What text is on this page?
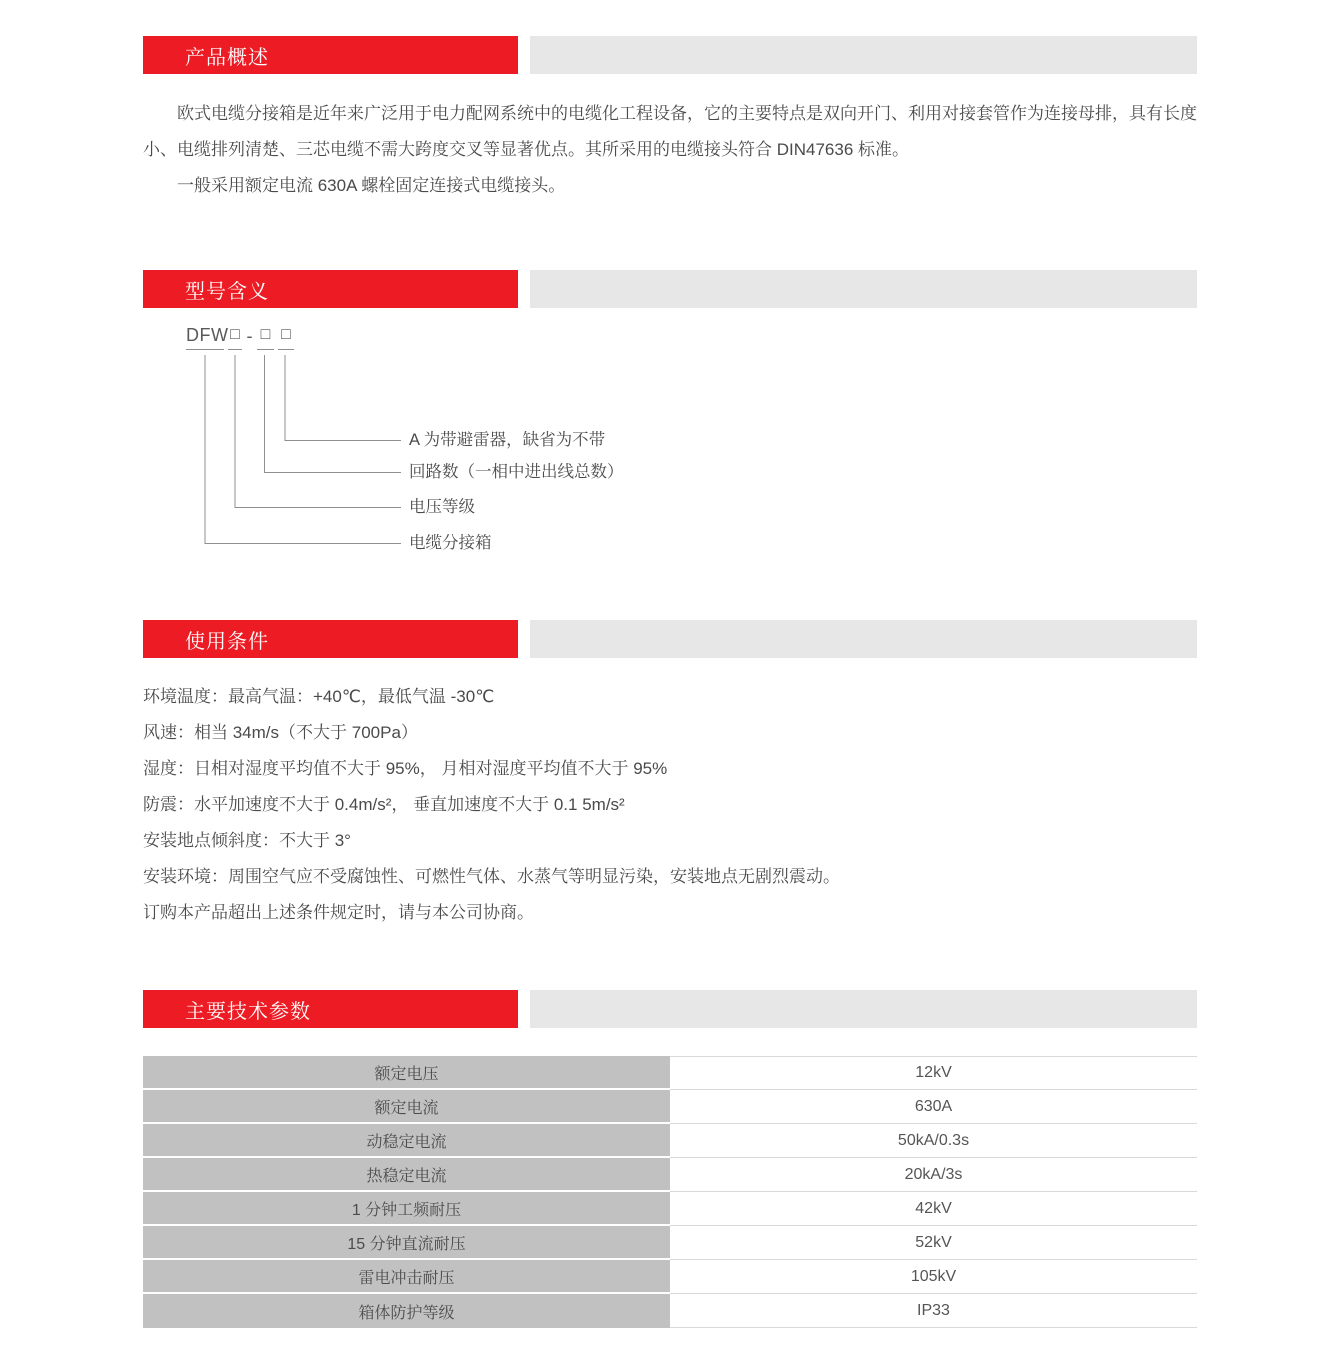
产品概述

欧式电缆分接箱是近年来广泛用于电力配网系统中的电缆化工程设备，它的主要特点是双向开门、利用对接套管作为连接母排，具有长度小、电缆排列清楚、三芯电缆不需大跨度交叉等显著优点。其所采用的电缆接头符合 DIN47636 标准。

一般采用额定电流 630A 螺栓固定连接式电缆接头。

型号含义
DFW □ - □ □
A 为带避雷器，缺省为不带
回路数（一相中进出线总数）
电压等级
电缆分接箱
使用条件
环境温度：最高气温：+40℃，最低气温 -30℃
风速：相当 34m/s（不大于 700Pa）
湿度：日相对湿度平均值不大于 95%， 月相对湿度平均值不大于 95%
防震：水平加速度不大于 0.4m/s²， 垂直加速度不大于 0.1 5m/s²
安装地点倾斜度：不大于 3°
安装环境：周围空气应不受腐蚀性、可燃性气体、水蒸气等明显污染，安装地点无剧烈震动。
订购本产品超出上述条件规定时，请与本公司协商。
主要技术参数
额定电压	12kV
额定电流	630A
动稳定电流	50kA/0.3s
热稳定电流	20kA/3s
1 分钟工频耐压	42kV
15 分钟直流耐压	52kV
雷电冲击耐压	105kV
箱体防护等级	IP33
